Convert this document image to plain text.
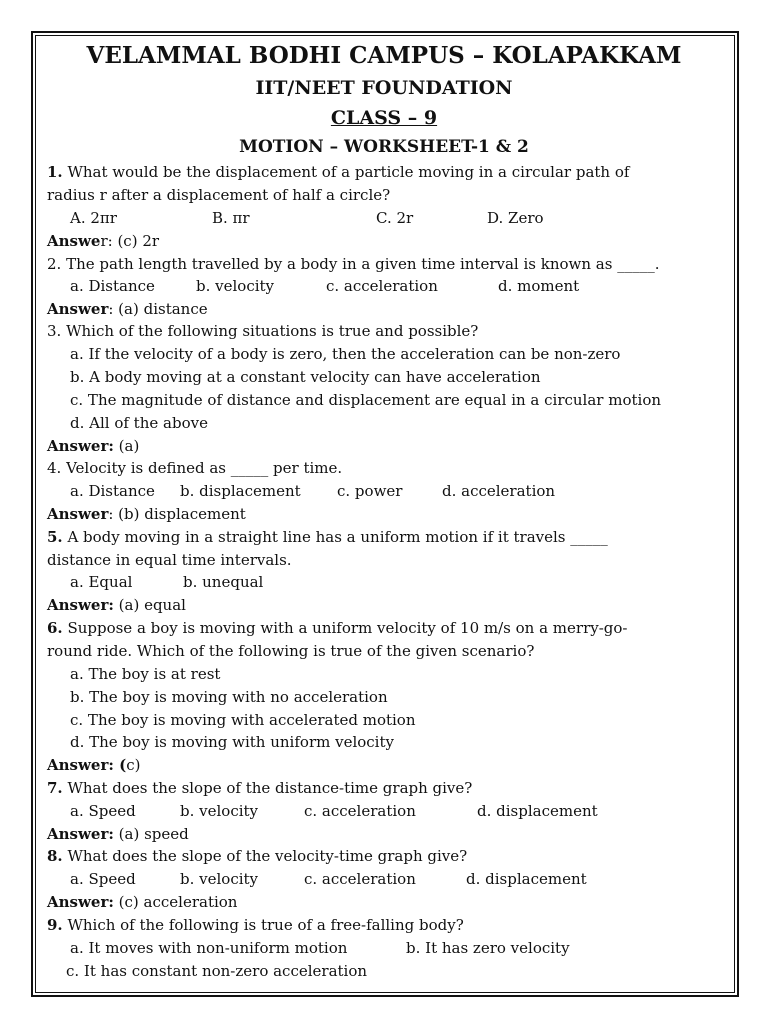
VELAMMAL BODHI CAMPUS – KOLAPAKKAM
IIT/NEET FOUNDATION
CLASS – 9
MOTION – WORKSHEET-1 & 2
1. What would be the displacement of a particle moving in a circular path of
radius r after a displacement of half a circle?
A. 2πr	B. πr	C. 2r	D. Zero
Answer: (c) 2r
2. The path length travelled by a body in a given time interval is known as _____.
a. Distance	b. velocity	c. acceleration	d. moment
Answer: (a) distance
3. Which of the following situations is true and possible?
a. If the velocity of a body is zero, then the acceleration can be non-zero
b. A body moving at a constant velocity can have acceleration
c. The magnitude of distance and displacement are equal in a circular motion
d. All of the above
Answer: (a)
4. Velocity is defined as _____ per time.
a. Distance b. displacement c. power	d. acceleration
Answer: (b) displacement
5. A body moving in a straight line has a uniform motion if it travels _____
distance in equal time intervals.
a. Equal	b. unequal
Answer: (a) equal
6. Suppose a boy is moving with a uniform velocity of 10 m/s on a merry-go-
round ride. Which of the following is true of the given scenario?
a. The boy is at rest
b. The boy is moving with no acceleration
c. The boy is moving with accelerated motion
d. The boy is moving with uniform velocity
Answer: (c)
7. What does the slope of the distance-time graph give?
a. Speed	b. velocity	c. acceleration	d. displacement
Answer: (a) speed
8. What does the slope of the velocity-time graph give?
a. Speed	b. velocity	c. acceleration	d. displacement
Answer: (c) acceleration
9. Which of the following is true of a free-falling body?
a. It moves with non-uniform motion	b. It has zero velocity
c. It has constant non-zero acceleration
